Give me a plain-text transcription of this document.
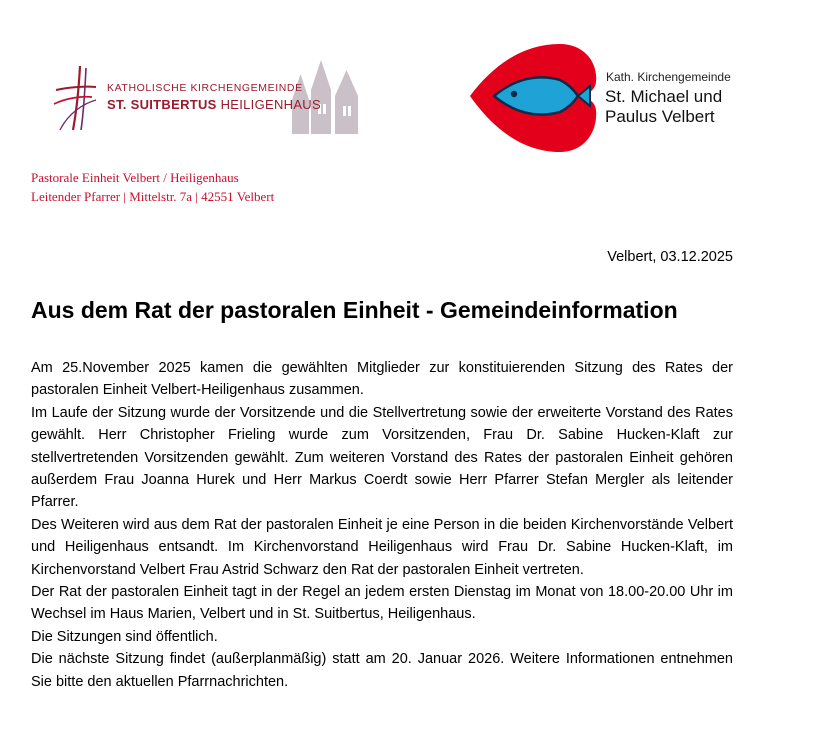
KATHOLISCHE KIRCHENGEMEINDE
ST. SUITBERTUS HEILIGENHAUS
Kath. Kirchengemeinde
St. Michael und Paulus Velbert
Pastorale Einheit Velbert / Heiligenhaus
Leitender Pfarrer | Mittelstr. 7a | 42551 Velbert
Velbert, 03.12.2025
Aus dem Rat der pastoralen Einheit - Gemeindeinformation

Am 25.November 2025 kamen die gewählten Mitglieder zur konstituierenden Sitzung des Rates der pastoralen Einheit Velbert-Heiligenhaus zusammen.

Im Laufe der Sitzung wurde der Vorsitzende und die Stellvertretung sowie der erweiterte Vorstand des Rates gewählt. Herr Christopher Frieling wurde zum Vorsitzenden, Frau Dr. Sabine Hucken-Klaft zur stellvertretenden Vorsitzenden gewählt. Zum weiteren Vorstand des Rates der pastoralen Einheit gehören außerdem Frau Joanna Hurek und Herr Markus Coerdt sowie Herr Pfarrer Stefan Mergler als leitender Pfarrer.

Des Weiteren wird aus dem Rat der pastoralen Einheit je eine Person in die beiden Kirchenvorstände Velbert und Heiligenhaus entsandt. Im Kirchenvorstand Heiligenhaus wird Frau Dr. Sabine Hucken-Klaft, im Kirchenvorstand Velbert Frau Astrid Schwarz den Rat der pastoralen Einheit vertreten.

Der Rat der pastoralen Einheit tagt in der Regel an jedem ersten Dienstag im Monat von 18.00-20.00 Uhr im Wechsel im Haus Marien, Velbert und in St. Suitbertus, Heiligenhaus.

Die Sitzungen sind öffentlich.

Die nächste Sitzung findet (außerplanmäßig) statt am 20. Januar 2026. Weitere Informationen entnehmen Sie bitte den aktuellen Pfarrnachrichten.
